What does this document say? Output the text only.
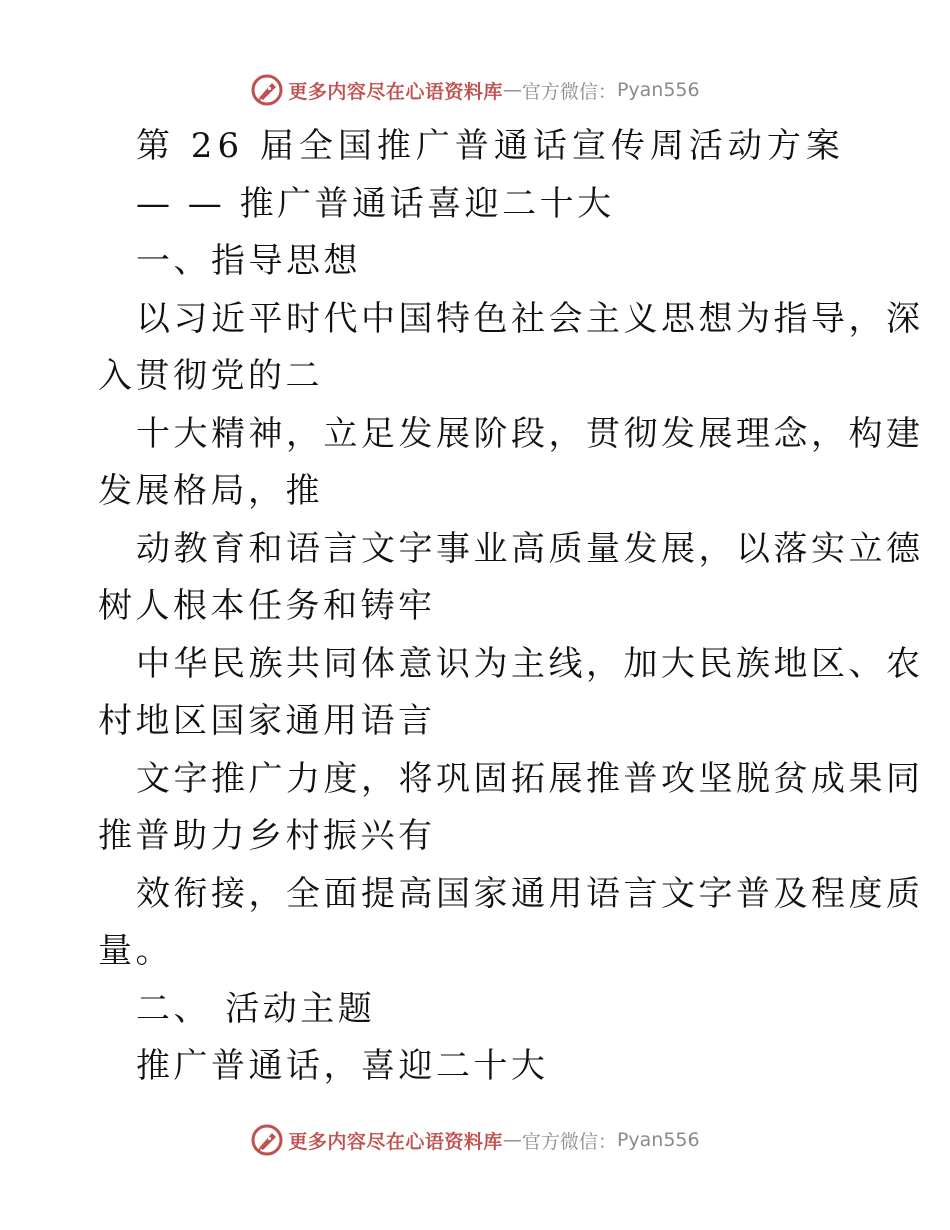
更多内容尽在心语资料库 — 官方微信： Pyan556
第 26 届全国推广普通话宣传周活动方案
— — 推广普通话喜迎二十大
一、指导思想
以习近平时代中国特色社会主义思想为指导，深
入贯彻党的二
十大精神，立足发展阶段，贯彻发展理念，构建
发展格局，推
动教育和语言文字事业高质量发展，以落实立德
树人根本任务和铸牢
中华民族共同体意识为主线，加大民族地区、农
村地区国家通用语言
文字推广力度，将巩固拓展推普攻坚脱贫成果同
推普助力乡村振兴有
效衔接，全面提高国家通用语言文字普及程度质
量。
二、 活动主题
推广普通话，喜迎二十大
更多内容尽在心语资料库 — 官方微信： Pyan556
